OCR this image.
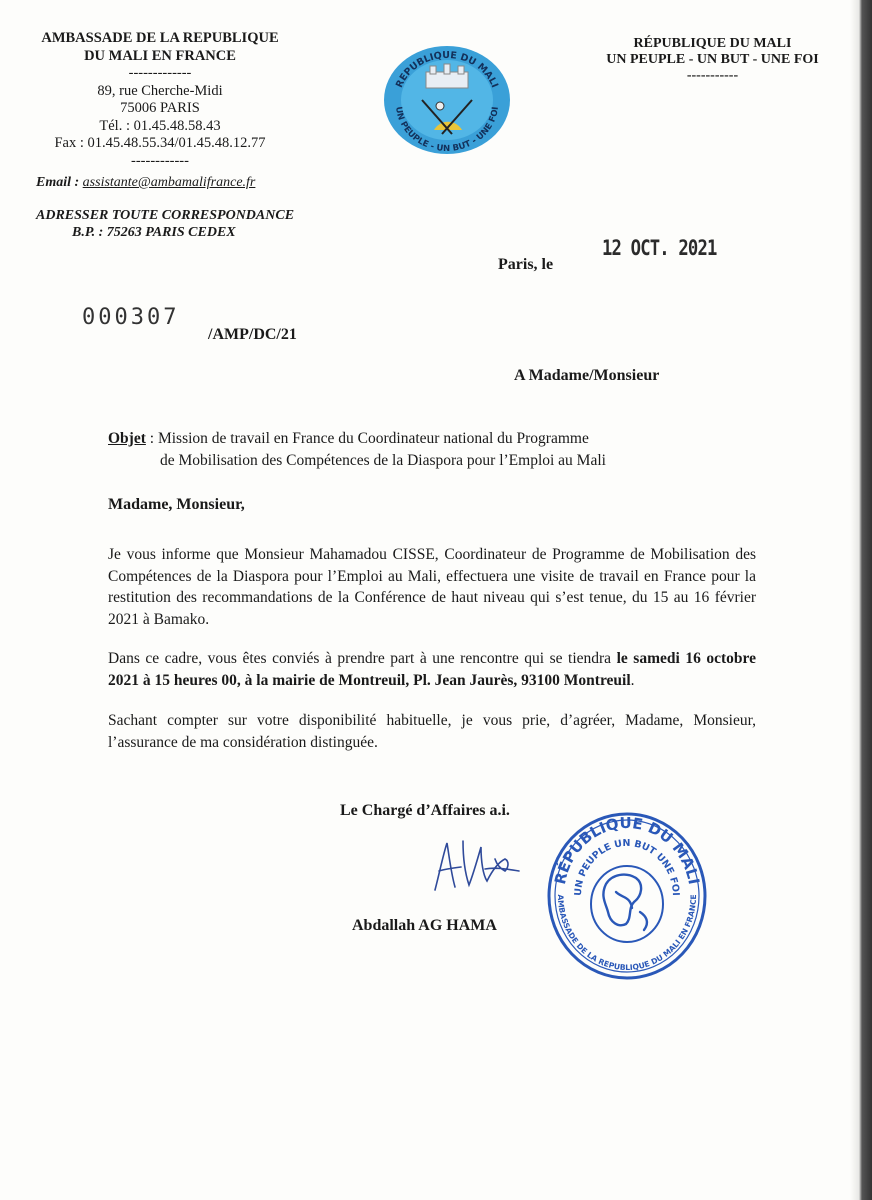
AMBASSADE DE LA REPUBLIQUE
DU MALI EN FRANCE
-------------
89, rue Cherche-Midi
75006 PARIS
Tél. : 01.45.48.58.43
Fax : 01.45.48.55.34/01.45.48.12.77
------------
Email : assistante@ambamalifrance.fr
ADRESSER TOUTE CORRESPONDANCE
B.P. : 75263 PARIS CEDEX
REPUBLIQUE DU MALI
UN PEUPLE - UN BUT - UNE FOI
RÉPUBLIQUE DU MALI
UN PEUPLE - UN BUT - UNE FOI
-----------
12 OCT. 2021
Paris, le
000307
/AMP/DC/21
A Madame/Monsieur
Objet : Mission de travail en France du Coordinateur national du Programme
de Mobilisation des Compétences de la Diaspora pour l’Emploi au Mali
Madame, Monsieur,
Je vous informe que Monsieur Mahamadou CISSE, Coordinateur de Programme de Mobilisation des Compétences de la Diaspora pour l’Emploi au Mali, effectuera une visite de travail en France pour la restitution des recommandations de la Conférence de haut niveau qui s’est tenue, du 15 au 16 février 2021 à Bamako.
Dans ce cadre, vous êtes conviés à prendre part à une rencontre qui se tiendra le samedi 16 octobre 2021 à 15 heures 00, à la mairie de Montreuil, Pl. Jean Jaurès, 93100 Montreuil.
Sachant compter sur votre disponibilité habituelle, je vous prie, d’agréer, Madame, Monsieur, l’assurance de ma considération distinguée.
Le Chargé d’Affaires a.i.
Abdallah AG HAMA
RÉPUBLIQUE DU MALI
UN PEUPLE UN BUT UNE FOI
AMBASSADE DE LA REPUBLIQUE DU MALI EN FRANCE
